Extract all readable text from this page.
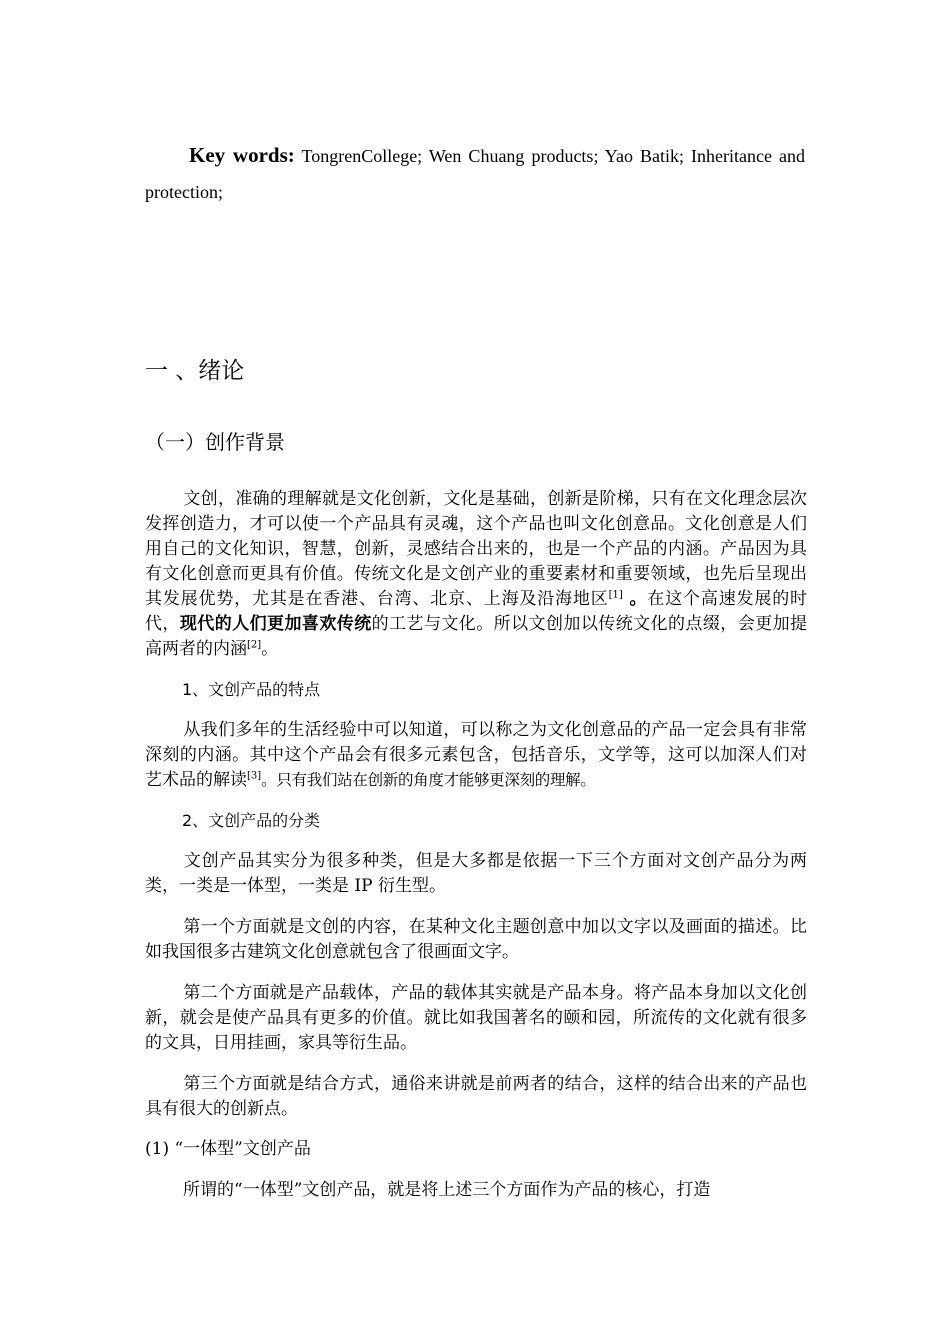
Key words: TongrenCollege; Wen Chuang products; Yao Batik; Inheritance and protection;
一 、绪论
（一）创作背景
文创，准确的理解就是文化创新，文化是基础，创新是阶梯，只有在文化理念层次发挥创造力，才可以使一个产品具有灵魂，这个产品也叫文化创意品。文化创意是人们用自己的文化知识，智慧，创新，灵感结合出来的，也是一个产品的内涵。产品因为具有文化创意而更具有价值。传统文化是文创产业的重要素材和重要领域，也先后呈现出其发展优势，尤其是在香港、台湾、北京、上海及沿海地区[1] 。在这个高速发展的时代，现代的人们更加喜欢传统的工艺与文化。所以文创加以传统文化的点缀，会更加提高两者的内涵[2]。
1、文创产品的特点
从我们多年的生活经验中可以知道，可以称之为文化创意品的产品一定会具有非常深刻的内涵。其中这个产品会有很多元素包含，包括音乐，文学等，这可以加深人们对艺术品的解读[3]。只有我们站在创新的角度才能够更深刻的理解。
2、文创产品的分类
文创产品其实分为很多种类，但是大多都是依据一下三个方面对文创产品分为两类，一类是一体型，一类是 IP 衍生型。
第一个方面就是文创的内容，在某种文化主题创意中加以文字以及画面的描述。比如我国很多古建筑文化创意就包含了很画面文字。
第二个方面就是产品载体，产品的载体其实就是产品本身。将产品本身加以文化创新，就会是使产品具有更多的价值。就比如我国著名的颐和园，所流传的文化就有很多的文具，日用挂画，家具等衍生品。
第三个方面就是结合方式，通俗来讲就是前两者的结合，这样的结合出来的产品也具有很大的创新点。
(1) “一体型”文创产品
所谓的“一体型”文创产品，就是将上述三个方面作为产品的核心，打造
